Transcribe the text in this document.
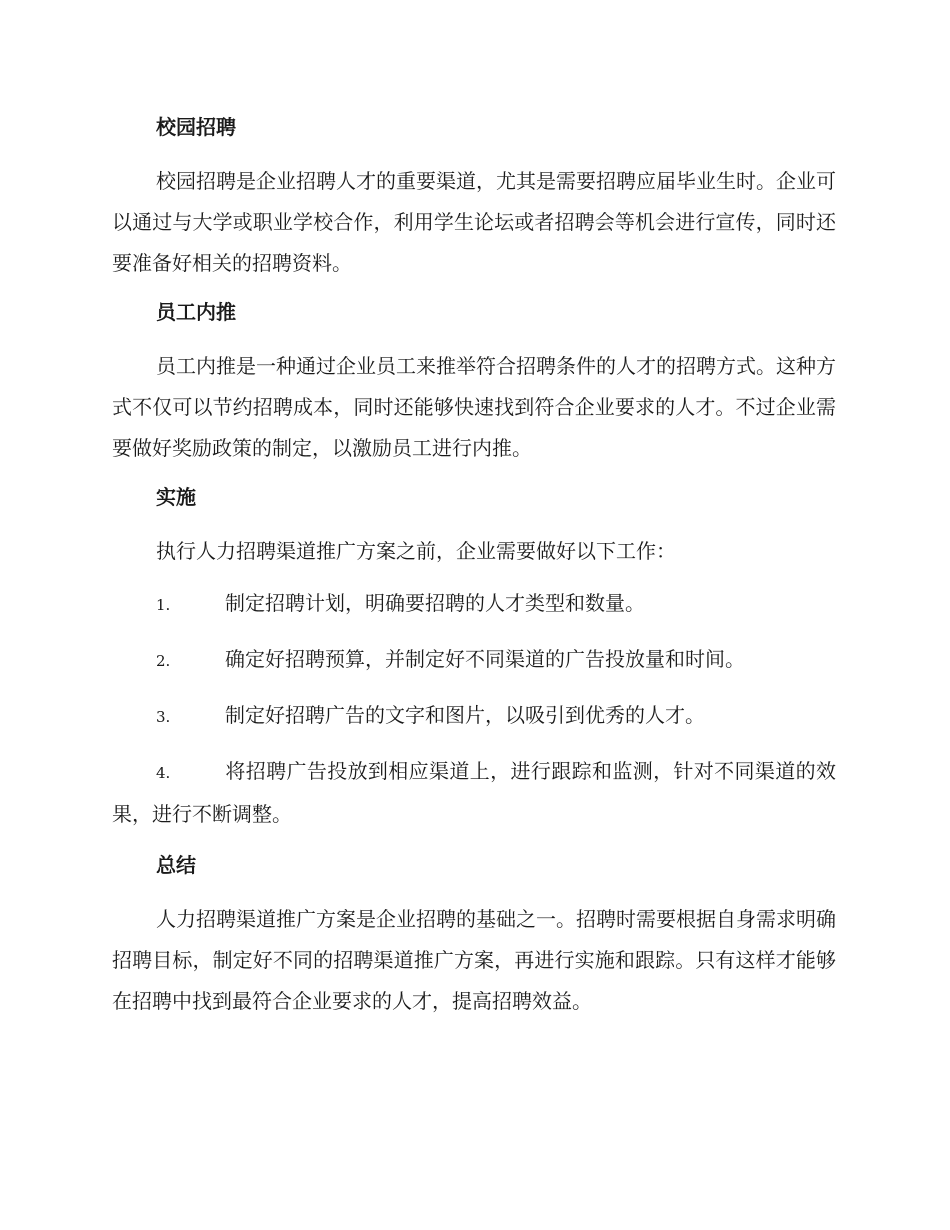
校园招聘

校园招聘是企业招聘人才的重要渠道，尤其是需要招聘应届毕业生时。企业可以通过与大学或职业学校合作，利用学生论坛或者招聘会等机会进行宣传，同时还要准备好相关的招聘资料。

员工内推

员工内推是一种通过企业员工来推举符合招聘条件的人才的招聘方式。这种方式不仅可以节约招聘成本，同时还能够快速找到符合企业要求的人才。不过企业需要做好奖励政策的制定，以激励员工进行内推。

实施

执行人力招聘渠道推广方案之前，企业需要做好以下工作：

1.	制定招聘计划，明确要招聘的人才类型和数量。

2.	确定好招聘预算，并制定好不同渠道的广告投放量和时间。

3.	制定好招聘广告的文字和图片，以吸引到优秀的人才。

4.	将招聘广告投放到相应渠道上，进行跟踪和监测，针对不同渠道的效果，进行不断调整。

总结

人力招聘渠道推广方案是企业招聘的基础之一。招聘时需要根据自身需求明确招聘目标，制定好不同的招聘渠道推广方案，再进行实施和跟踪。只有这样才能够在招聘中找到最符合企业要求的人才，提高招聘效益。
